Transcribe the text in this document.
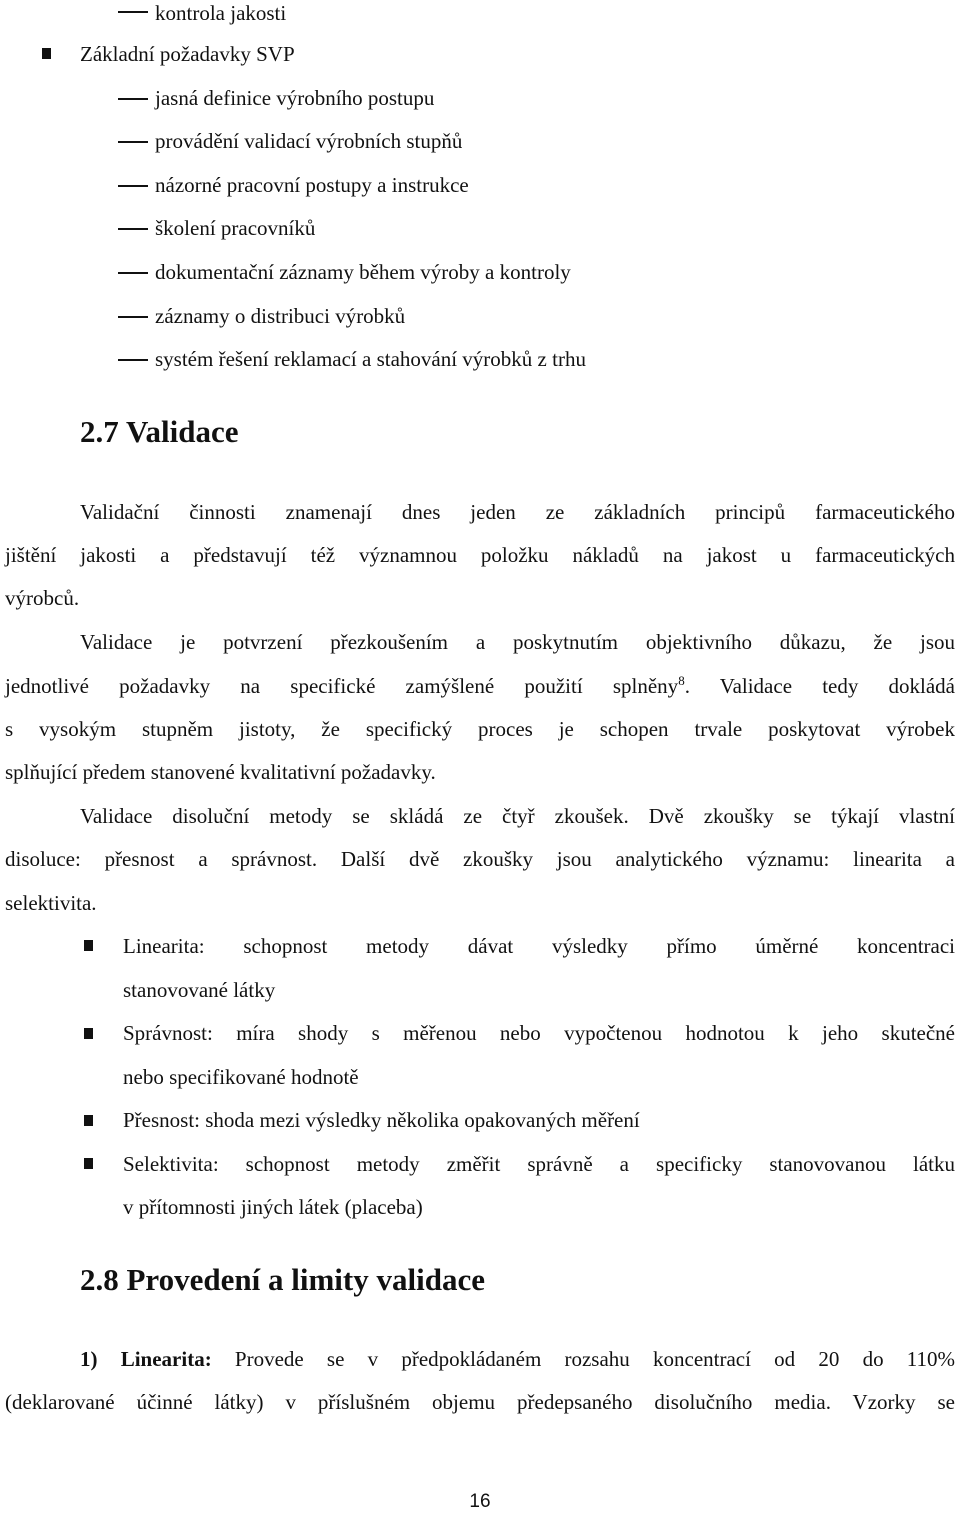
kontrola jakosti
Základní požadavky SVP
jasná definice výrobního postupu
provádění validací výrobních stupňů
názorné pracovní postupy a instrukce
školení pracovníků
dokumentační záznamy během výroby a kontroly
záznamy o distribuci výrobků
systém řešení reklamací a stahování výrobků z trhu
2.7 Validace
Validační činnosti znamenají dnes jeden ze základních principů farmaceutického
jištění jakosti a představují též významnou položku nákladů na jakost u farmaceutických
výrobců.
Validace je potvrzení přezkoušením a poskytnutím objektivního důkazu, že jsou
jednotlivé požadavky na specifické zamýšlené použití splněny$^8$. Validace tedy dokládá
s vysokým stupněm jistoty, že specifický proces je schopen trvale poskytovat výrobek
splňující předem stanovené kvalitativní požadavky.
Validace disoluční metody se skládá ze čtyř zkoušek. Dvě zkoušky se týkají vlastní
disoluce: přesnost a správnost. Další dvě zkoušky jsou analytického významu: linearita a
selektivita.
Linearita: schopnost metody dávat výsledky přímo úměrné koncentraci
stanovované látky
Správnost: míra shody s měřenou nebo vypočtenou hodnotou k jeho skutečné
nebo specifikované hodnotě
Přesnost: shoda mezi výsledky několika opakovaných měření
Selektivita: schopnost metody změřit správně a specificky stanovovanou látku
v přítomnosti jiných látek (placeba)
2.8 Provedení a limity validace
1) Linearita: Provede se v předpokládaném rozsahu koncentrací od 20 do 110%
(deklarované účinné látky) v příslušném objemu předepsaného disolučního media. Vzorky se
16
